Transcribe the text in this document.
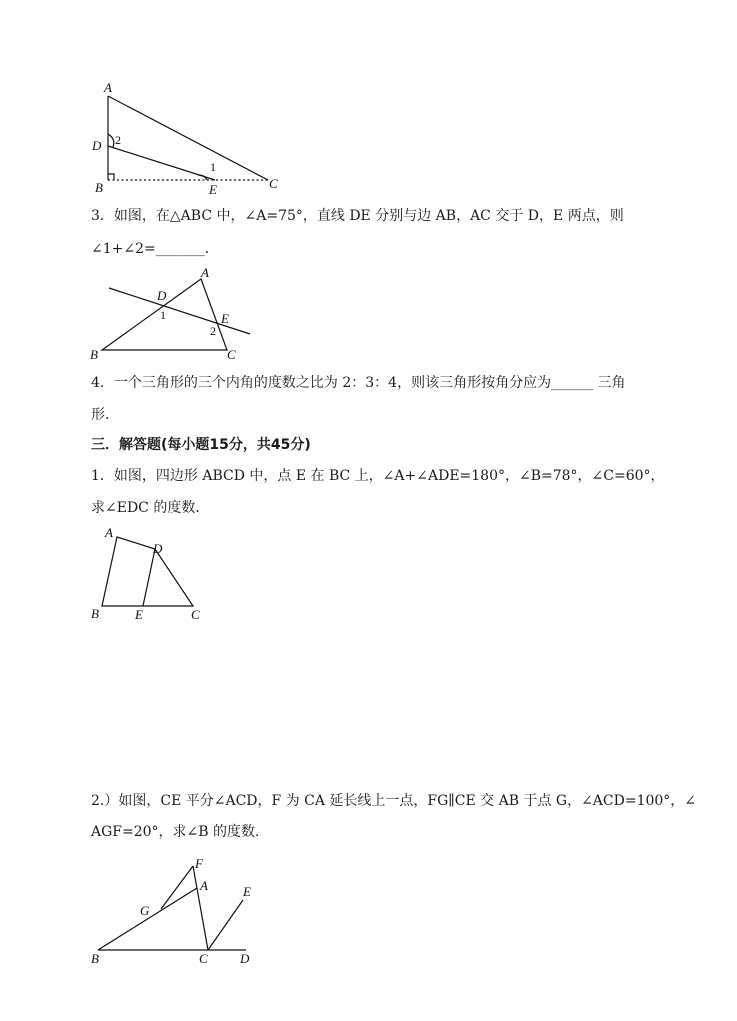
A
D 2
B
1
E	C
3．如图，在△ABC 中，∠A=75°，直线 DE 分别与边 AB，AC 交于 D，E 两点，则
∠1+∠2=_______．
A
D
1	E
2
B	C
4．一个三角形的三个内角的度数之比为 2：3：4，则该三角形按角分应为______ 三角
形．
三．解答题(每小题15分，共45分)
1．如图，四边形 ABCD 中，点 E 在 BC 上，∠A+∠ADE=180°，∠B=78°，∠C=60°，
求∠EDC 的度数．
A
D
B	E	C
2.）如图，CE 平分∠ACD，F 为 CA 延长线上一点，FG∥CE 交 AB 于点 G，∠ACD=100°，∠
AGF=20°，求∠B 的度数．
F
A	E
G
B	C D
